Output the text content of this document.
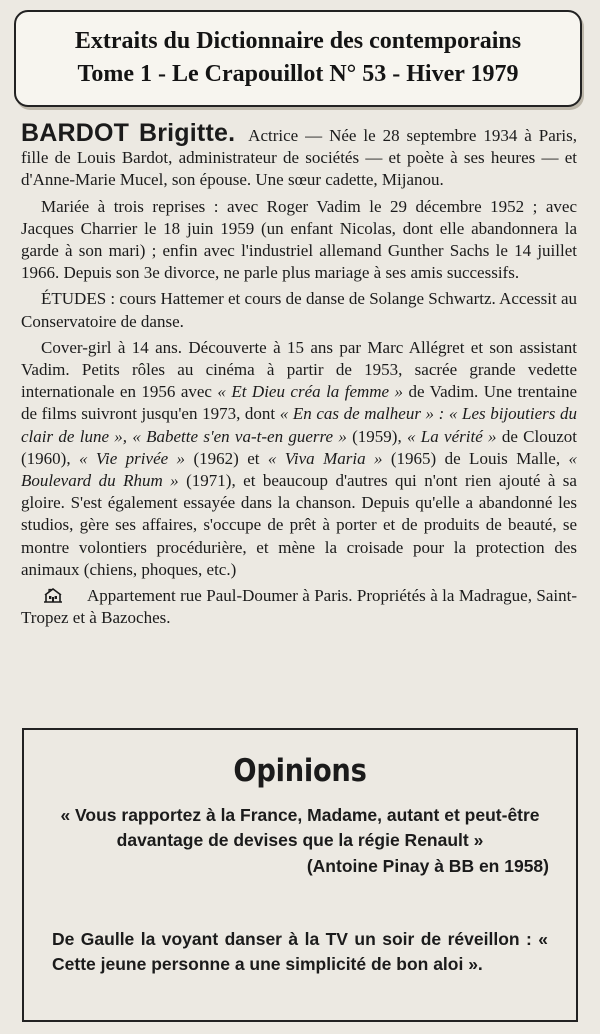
Extraits du Dictionnaire des contemporains
Tome 1 - Le Crapouillot N° 53 - Hiver 1979

BARDOT Brigitte. Actrice — Née le 28 septembre 1934 à Paris, fille de Louis Bardot, administrateur de sociétés — et poète à ses heures — et d'Anne-Marie Mucel, son épouse. Une sœur cadette, Mijanou.

Mariée à trois reprises : avec Roger Vadim le 29 décembre 1952 ; avec Jacques Charrier le 18 juin 1959 (un enfant Nicolas, dont elle abandonnera la garde à son mari) ; enfin avec l'industriel allemand Gunther Sachs le 14 juillet 1966. Depuis son 3e divorce, ne parle plus mariage à ses amis successifs.

ÉTUDES : cours Hattemer et cours de danse de Solange Schwartz. Accessit au Conservatoire de danse.

Cover-girl à 14 ans. Découverte à 15 ans par Marc Allégret et son assistant Vadim. Petits rôles au cinéma à partir de 1953, sacrée grande vedette internationale en 1956 avec « Et Dieu créa la femme » de Vadim. Une trentaine de films suivront jusqu'en 1973, dont « En cas de malheur » : « Les bijoutiers du clair de lune », « Babette s'en va-t-en guerre » (1959), « La vérité » de Clouzot (1960), « Vie privée » (1962) et « Viva Maria » (1965) de Louis Malle, « Boulevard du Rhum » (1971), et beaucoup d'autres qui n'ont rien ajouté à sa gloire. S'est également essayée dans la chanson. Depuis qu'elle a abandonné les studios, gère ses affaires, s'occupe de prêt à porter et de produits de beauté, se montre volontiers procédurière, et mène la croisade pour la protection des animaux (chiens, phoques, etc.)

Appartement rue Paul-Doumer à Paris. Propriétés à la Madrague, Saint-Tropez et à Bazoches.

Opinions
« Vous rapportez à la France, Madame, autant et peut-être davantage de devises que la régie Renault »
(Antoine Pinay à BB en 1958)
De Gaulle la voyant danser à la TV un soir de réveillon : « Cette jeune personne a une simplicité de bon aloi ».
